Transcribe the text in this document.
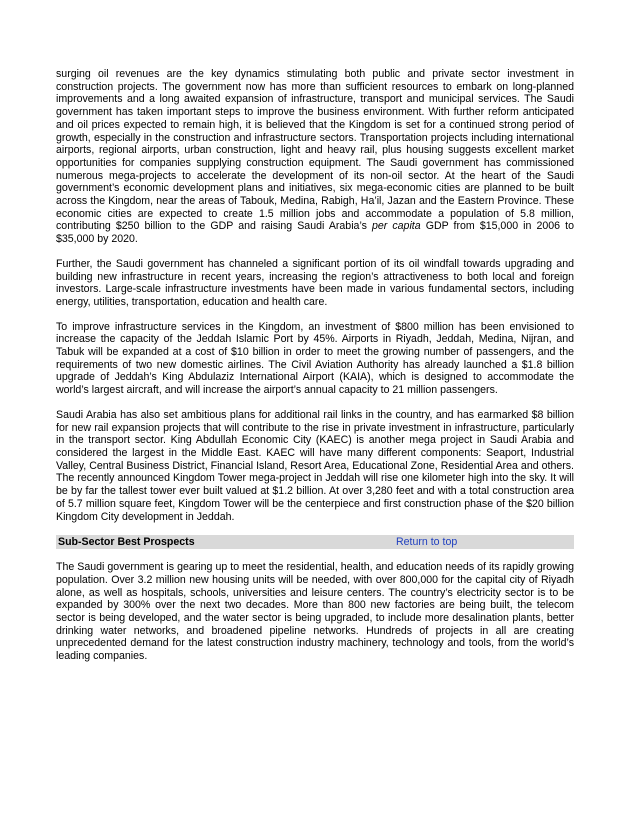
surging oil revenues are the key dynamics stimulating both public and private sector investment in construction projects. The government now has more than sufficient resources to embark on long-planned improvements and a long awaited expansion of infrastructure, transport and municipal services. The Saudi government has taken important steps to improve the business environment. With further reform anticipated and oil prices expected to remain high, it is believed that the Kingdom is set for a continued strong period of growth, especially in the construction and infrastructure sectors. Transportation projects including international airports, regional airports, urban construction, light and heavy rail, plus housing suggests excellent market opportunities for companies supplying construction equipment. The Saudi government has commissioned numerous mega-projects to accelerate the development of its non-oil sector. At the heart of the Saudi government’s economic development plans and initiatives, six mega-economic cities are planned to be built across the Kingdom, near the areas of Tabouk, Medina, Rabigh, Ha’il, Jazan and the Eastern Province. These economic cities are expected to create 1.5 million jobs and accommodate a population of 5.8 million, contributing $250 billion to the GDP and raising Saudi Arabia’s per capita GDP from $15,000 in 2006 to $35,000 by 2020.

Further, the Saudi government has channeled a significant portion of its oil windfall towards upgrading and building new infrastructure in recent years, increasing the region’s attractiveness to both local and foreign investors. Large-scale infrastructure investments have been made in various fundamental sectors, including energy, utilities, transportation, education and health care.

To improve infrastructure services in the Kingdom, an investment of $800 million has been envisioned to increase the capacity of the Jeddah Islamic Port by 45%. Airports in Riyadh, Jeddah, Medina, Nijran, and Tabuk will be expanded at a cost of $10 billion in order to meet the growing number of passengers, and the requirements of two new domestic airlines. The Civil Aviation Authority has already launched a $1.8 billion upgrade of Jeddah’s King Abdulaziz International Airport (KAIA), which is designed to accommodate the world’s largest aircraft, and will increase the airport’s annual capacity to 21 million passengers.

Saudi Arabia has also set ambitious plans for additional rail links in the country, and has earmarked $8 billion for new rail expansion projects that will contribute to the rise in private investment in infrastructure, particularly in the transport sector. King Abdullah Economic City (KAEC) is another mega project in Saudi Arabia and considered the largest in the Middle East. KAEC will have many different components: Seaport, Industrial Valley, Central Business District, Financial Island, Resort Area, Educational Zone, Residential Area and others. The recently announced Kingdom Tower mega-project in Jeddah will rise one kilometer high into the sky. It will be by far the tallest tower ever built valued at $1.2 billion. At over 3,280 feet and with a total construction area of 5.7 million square feet, Kingdom Tower will be the centerpiece and first construction phase of the $20 billion Kingdom City development in Jeddah.

Sub-Sector Best Prospects	Return to top

The Saudi government is gearing up to meet the residential, health, and education needs of its rapidly growing population. Over 3.2 million new housing units will be needed, with over 800,000 for the capital city of Riyadh alone, as well as hospitals, schools, universities and leisure centers. The country’s electricity sector is to be expanded by 300% over the next two decades. More than 800 new factories are being built, the telecom sector is being developed, and the water sector is being upgraded, to include more desalination plants, better drinking water networks, and broadened pipeline networks. Hundreds of projects in all are creating unprecedented demand for the latest construction industry machinery, technology and tools, from the world’s leading companies.
